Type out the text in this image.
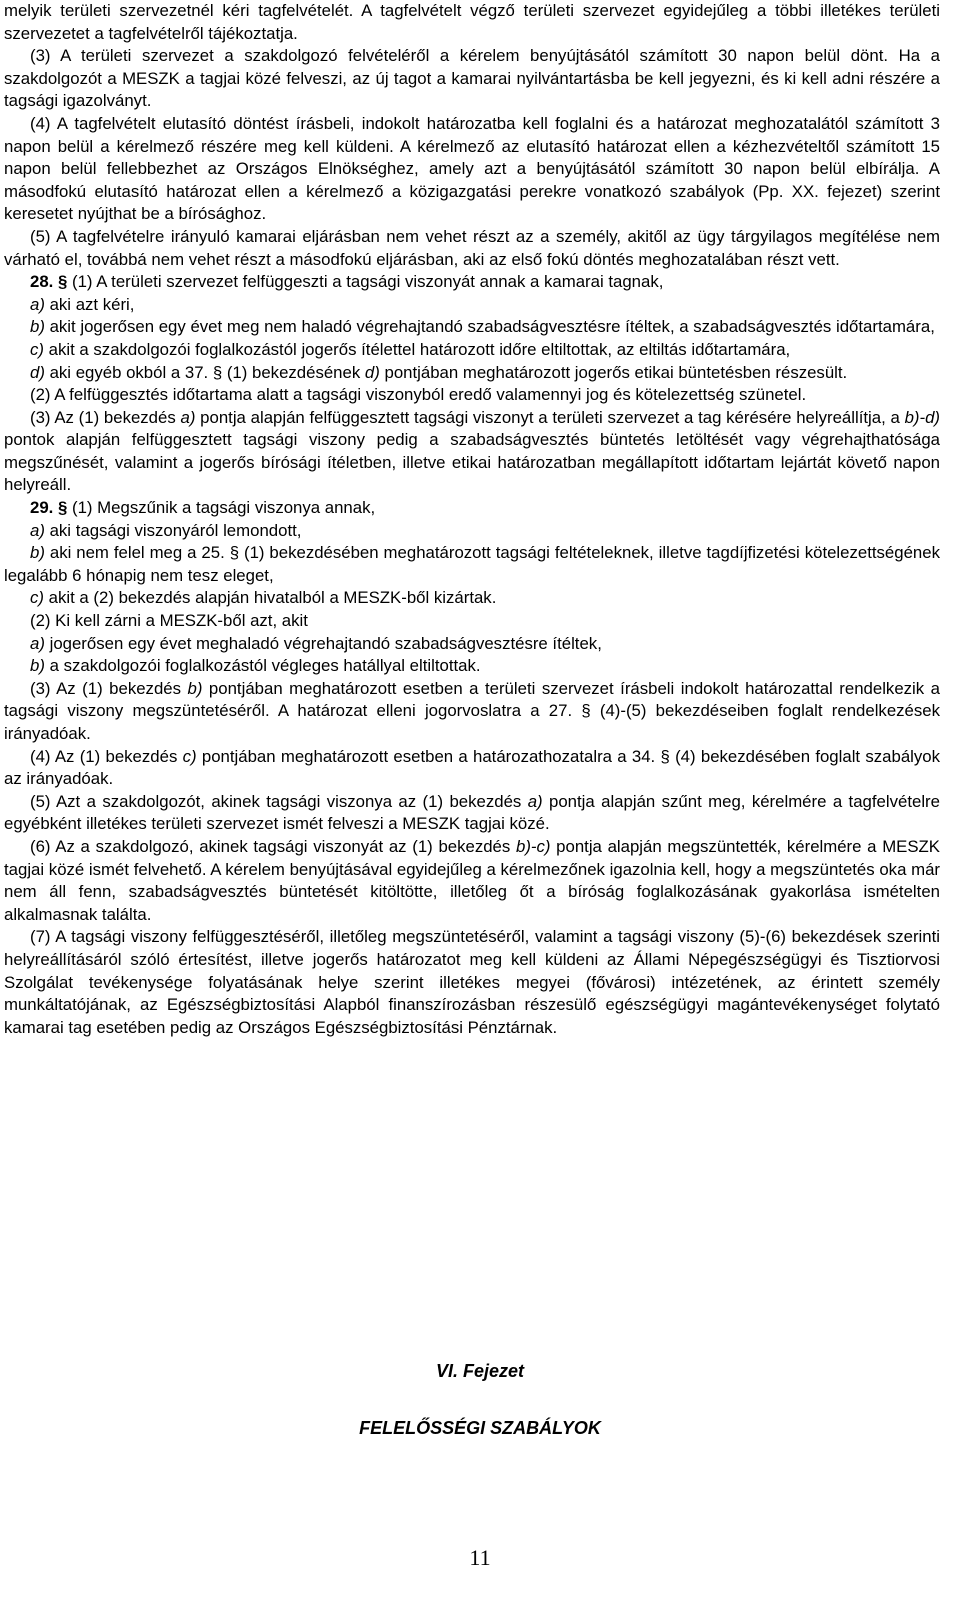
melyik területi szervezetnél kéri tagfelvételét. A tagfelvételt végző területi szervezet egyidejűleg a többi illetékes területi szervezetet a tagfelvételről tájékoztatja.

(3) A területi szervezet a szakdolgozó felvételéről a kérelem benyújtásától számított 30 napon belül dönt. Ha a szakdolgozót a MESZK a tagjai közé felveszi, az új tagot a kamarai nyilvántartásba be kell jegyezni, és ki kell adni részére a tagsági igazolványt.

(4) A tagfelvételt elutasító döntést írásbeli, indokolt határozatba kell foglalni és a határozat meghozatalától számított 3 napon belül a kérelmező részére meg kell küldeni. A kérelmező az elutasító határozat ellen a kézhezvételtől számított 15 napon belül fellebbezhet az Országos Elnökséghez, amely azt a benyújtásától számított 30 napon belül elbírálja. A másodfokú elutasító határozat ellen a kérelmező a közigazgatási perekre vonatkozó szabályok (Pp. XX. fejezet) szerint keresetet nyújthat be a bírósághoz.

(5) A tagfelvételre irányuló kamarai eljárásban nem vehet részt az a személy, akitől az ügy tárgyilagos megítélése nem várható el, továbbá nem vehet részt a másodfokú eljárásban, aki az első fokú döntés meghozatalában részt vett.

28. § (1) A területi szervezet felfüggeszti a tagsági viszonyát annak a kamarai tagnak,

a) aki azt kéri,

b) akit jogerősen egy évet meg nem haladó végrehajtandó szabadságvesztésre ítéltek, a szabadságvesztés időtartamára,

c) akit a szakdolgozói foglalkozástól jogerős ítélettel határozott időre eltiltottak, az eltiltás időtartamára,

d) aki egyéb okból a 37. § (1) bekezdésének d) pontjában meghatározott jogerős etikai büntetésben részesült.

(2) A felfüggesztés időtartama alatt a tagsági viszonyból eredő valamennyi jog és kötelezettség szünetel.

(3) Az (1) bekezdés a) pontja alapján felfüggesztett tagsági viszonyt a területi szervezet a tag kérésére helyreállítja, a b)-d) pontok alapján felfüggesztett tagsági viszony pedig a szabadságvesztés büntetés letöltését vagy végrehajthatósága megszűnését, valamint a jogerős bírósági ítéletben, illetve etikai határozatban megállapított időtartam lejártát követő napon helyreáll.

29. § (1) Megszűnik a tagsági viszonya annak,

a) aki tagsági viszonyáról lemondott,

b) aki nem felel meg a 25. § (1) bekezdésében meghatározott tagsági feltételeknek, illetve tagdíjfizetési kötelezettségének legalább 6 hónapig nem tesz eleget,

c) akit a (2) bekezdés alapján hivatalból a MESZK-ből kizártak.

(2) Ki kell zárni a MESZK-ből azt, akit

a) jogerősen egy évet meghaladó végrehajtandó szabadságvesztésre ítéltek,

b) a szakdolgozói foglalkozástól végleges hatállyal eltiltottak.

(3) Az (1) bekezdés b) pontjában meghatározott esetben a területi szervezet írásbeli indokolt határozattal rendelkezik a tagsági viszony megszüntetéséről. A határozat elleni jogorvoslatra a 27. § (4)-(5) bekezdéseiben foglalt rendelkezések irányadóak.

(4) Az (1) bekezdés c) pontjában meghatározott esetben a határozathozatalra a 34. § (4) bekezdésében foglalt szabályok az irányadóak.

(5) Azt a szakdolgozót, akinek tagsági viszonya az (1) bekezdés a) pontja alapján szűnt meg, kérelmére a tagfelvételre egyébként illetékes területi szervezet ismét felveszi a MESZK tagjai közé.

(6) Az a szakdolgozó, akinek tagsági viszonyát az (1) bekezdés b)-c) pontja alapján megszüntették, kérelmére a MESZK tagjai közé ismét felvehető. A kérelem benyújtásával egyidejűleg a kérelmezőnek igazolnia kell, hogy a megszüntetés oka már nem áll fenn, szabadságvesztés büntetését kitöltötte, illetőleg őt a bíróság foglalkozásának gyakorlása ismételten alkalmasnak találta.

(7) A tagsági viszony felfüggesztéséről, illetőleg megszüntetéséről, valamint a tagsági viszony (5)-(6) bekezdések szerinti helyreállításáról szóló értesítést, illetve jogerős határozatot meg kell küldeni az Állami Népegészségügyi és Tisztiorvosi Szolgálat tevékenysége folyatásának helye szerint illetékes megyei (fővárosi) intézetének, az érintett személy munkáltatójának, az Egészségbiztosítási Alapból finanszírozásban részesülő egészségügyi magántevékenységet folytató kamarai tag esetében pedig az Országos Egészségbiztosítási Pénztárnak.

VI. Fejezet
FELELŐSSÉGI SZABÁLYOK
11
